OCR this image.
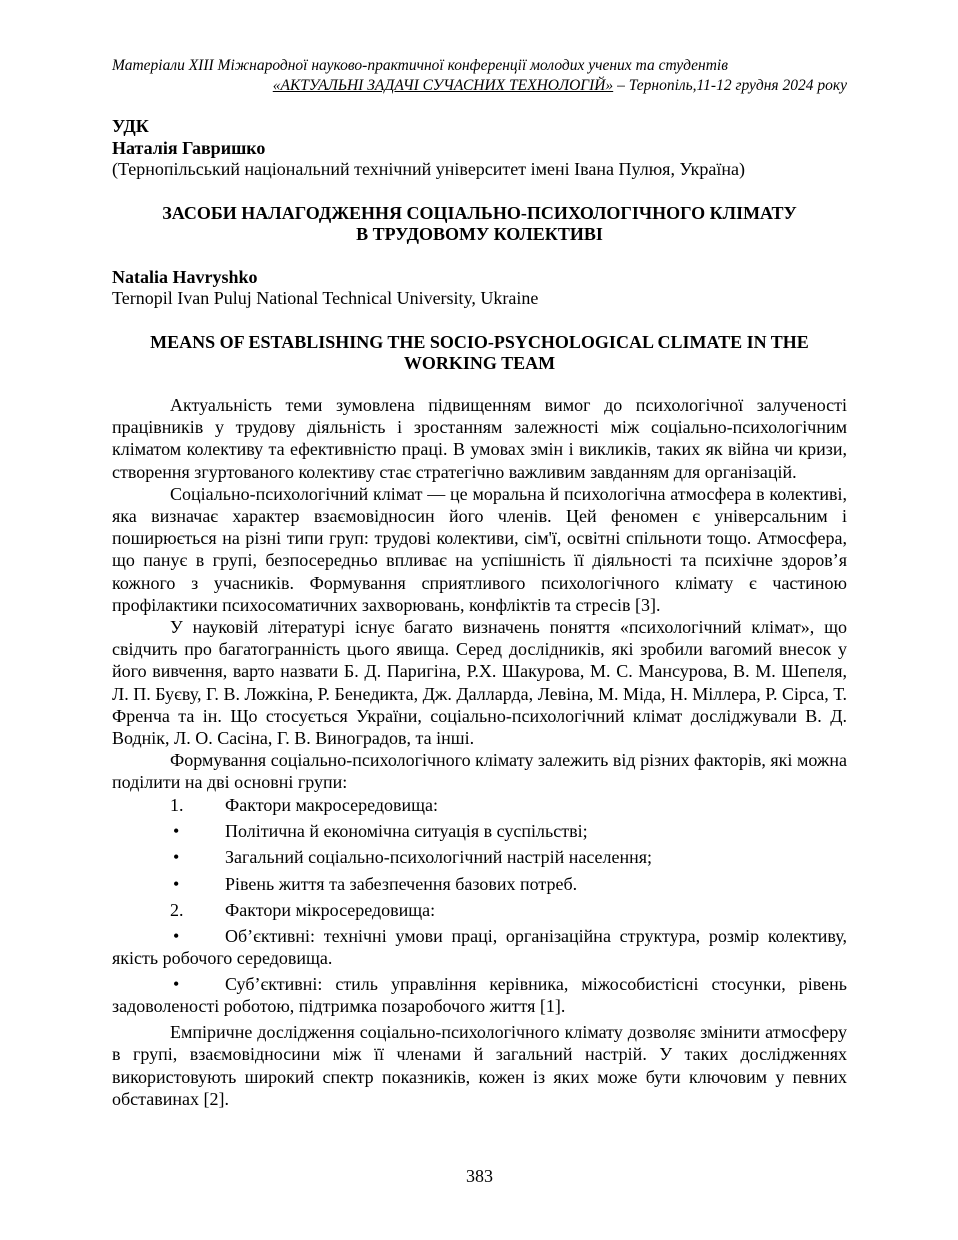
Матеріали XIII Міжнародної науково-практичної конференції молодих учених та студентів
«АКТУАЛЬНІ ЗАДАЧІ СУЧАСНИХ ТЕХНОЛОГІЙ» – Тернопіль,11-12 грудня 2024 року
УДК
Наталія Гавришко
(Тернопільський національний технічний університет імені Івана Пулюя, Україна)
ЗАСОБИ НАЛАГОДЖЕННЯ СОЦІАЛЬНО-ПСИХОЛОГІЧНОГО КЛІМАТУ
В ТРУДОВОМУ КОЛЕКТИВІ
Natalia Havryshko
Ternopil Ivan Puluj National Technical University, Ukraine
MEANS OF ESTABLISHING THE SOCIO-PSYCHOLOGICAL CLIMATE IN THE
WORKING TEAM

Актуальність теми зумовлена підвищенням вимог до психологічної залученості працівників у трудову діяльність і зростанням залежності між соціально-психологічним кліматом колективу та ефективністю праці. В умовах змін і викликів, таких як війна чи кризи, створення згуртованого колективу стає стратегічно важливим завданням для організацій.

Соціально-психологічний клімат — це моральна й психологічна атмосфера в колективі, яка визначає характер взаємовідносин його членів. Цей феномен є універсальним і поширюється на різні типи груп: трудові колективи, сім'ї, освітні спільноти тощо. Атмосфера, що панує в групі, безпосередньо впливає на успішність її діяльності та психічне здоров’я кожного з учасників. Формування сприятливого психологічного клімату є частиною профілактики психосоматичних захворювань, конфліктів та стресів [3].

У науковій літературі існує багато визначень поняття «психологічний клімат», що свідчить про багатогранність цього явища. Серед дослідників, які зробили вагомий внесок у його вивчення, варто назвати Б. Д. Паригіна, Р.Х. Шакурова, М. С. Мансурова, В. М. Шепеля, Л. П. Буєву, Г. В. Ложкіна, Р. Бенедикта, Дж. Далларда, Левіна, М. Міда, Н. Міллера, Р. Сірса, Т. Френча та ін. Що стосується України, соціально-психологічний клімат досліджували В. Д. Воднік, Л. О. Сасіна, Г. В. Виноградов, та інші.

Формування соціально-психологічного клімату залежить від різних факторів, які можна поділити на дві основні групи:

1. Фактори макросередовища:
•	Політична й економічна ситуація в суспільстві;
•	Загальний соціально-психологічний настрій населення;
•	Рівень життя та забезпечення базових потреб.
2. Фактори мікросередовища:
•	Об’єктивні: технічні умови праці, організаційна структура, розмір колективу, якість робочого середовища.
•	Суб’єктивні: стиль управління керівника, міжособистісні стосунки, рівень задоволеності роботою, підтримка позаробочого життя [1].

Емпіричне дослідження соціально-психологічного клімату дозволяє змінити атмосферу в групі, взаємовідносини між її членами й загальний настрій. У таких дослідженнях використовують широкий спектр показників, кожен із яких може бути ключовим у певних обставинах [2].

383
